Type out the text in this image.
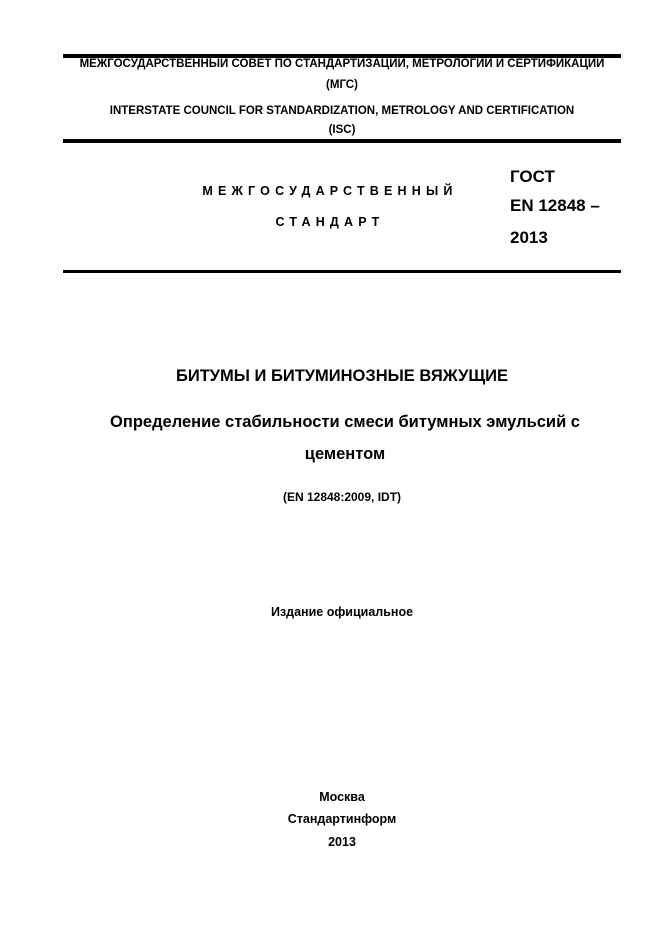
МЕЖГОСУДАРСТВЕННЫЙ СОВЕТ ПО СТАНДАРТИЗАЦИИ, МЕТРОЛОГИИ И СЕРТИФИКАЦИИ
(МГС)
INTERSTATE COUNCIL FOR STANDARDIZATION, METROLOGY AND CERTIFICATION
(ISC)
МЕЖГОСУДАРСТВЕННЫЙ
СТАНДАРТ
ГОСТ
EN 12848 –
2013
БИТУМЫ И БИТУМИНОЗНЫЕ ВЯЖУЩИЕ
Определение стабильности смеси битумных эмульсий с цементом
(EN 12848:2009, IDT)
Издание официальное
Москва
Стандартинформ
2013
